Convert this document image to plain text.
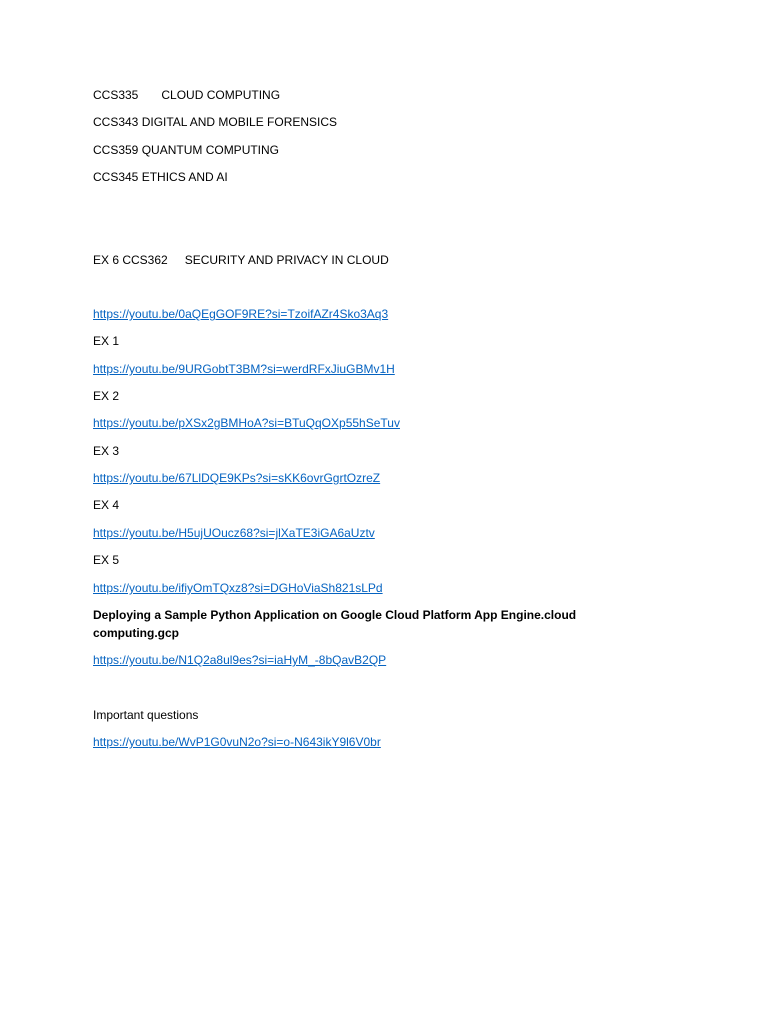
CCS335 CLOUD COMPUTING
CCS343 DIGITAL AND MOBILE FORENSICS
CCS359 QUANTUM COMPUTING
CCS345 ETHICS AND AI
EX 6 CCS362 SECURITY AND PRIVACY IN CLOUD
https://youtu.be/0aQEgGOF9RE?si=TzoifAZr4Sko3Aq3
EX 1
https://youtu.be/9URGobtT3BM?si=werdRFxJiuGBMv1H
EX 2
https://youtu.be/pXSx2gBMHoA?si=BTuQqOXp55hSeTuv
EX 3
https://youtu.be/67LlDQE9KPs?si=sKK6ovrGgrtOzreZ
EX 4
https://youtu.be/H5ujUOucz68?si=jlXaTE3iGA6aUztv
EX 5
https://youtu.be/ifiyOmTQxz8?si=DGHoViaSh821sLPd
Deploying a Sample Python Application on Google Cloud Platform App Engine.cloud computing.gcp
https://youtu.be/N1Q2a8ul9es?si=iaHyM_-8bQavB2QP
Important questions
https://youtu.be/WvP1G0vuN2o?si=o-N643ikY9l6V0br
